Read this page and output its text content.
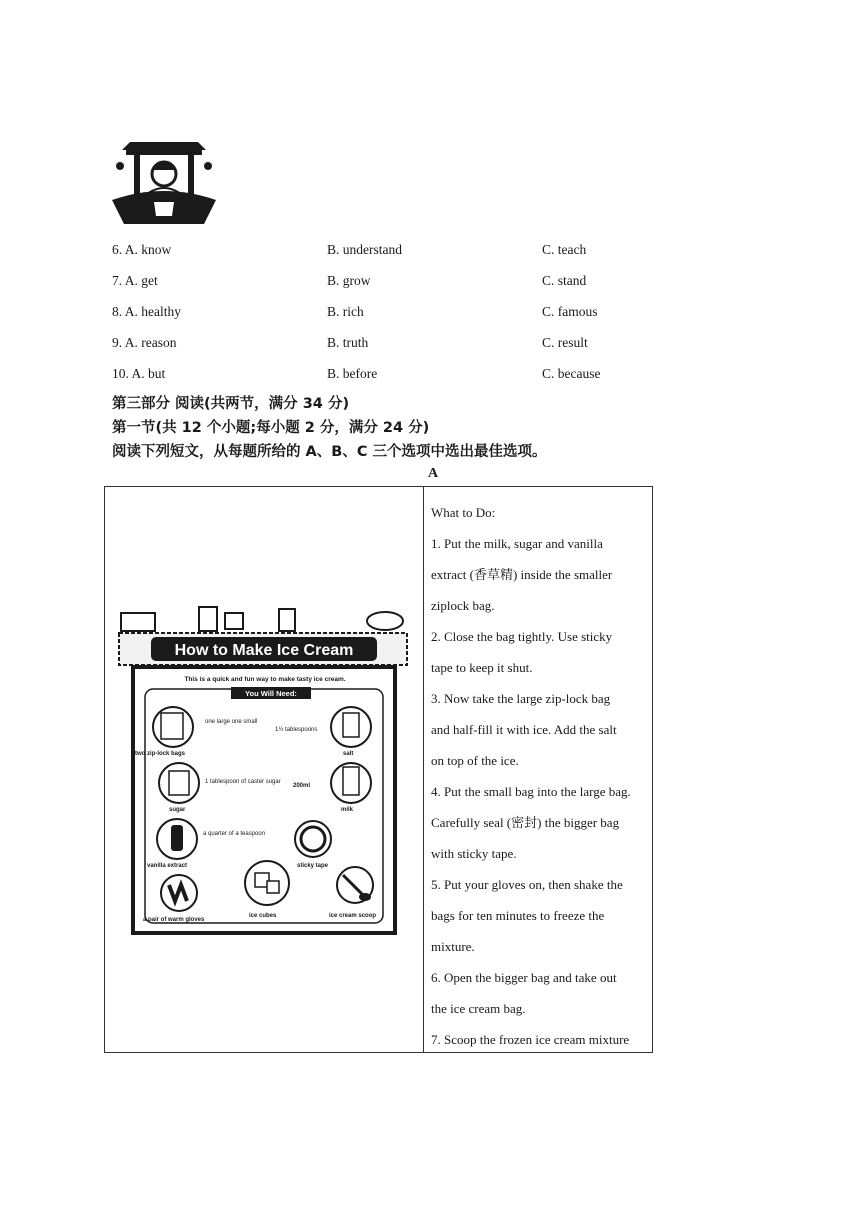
6. A. know	B. understand	C. teach
7. A. get	B. grow	C. stand
8. A. healthy	B. rich	C. famous
9. A. reason	B. truth	C. result
10. A. but	B. before	C. because
第三部分 阅读(共两节，满分 34 分)
第一节(共 12 个小题;每小题 2 分，满分 24 分)
阅读下列短文，从每题所给的 A、B、C 三个选项中选出最佳选项。
A
How to Make Ice Cream
This is a quick and fun way to make tasty ice cream.
You Will Need:
one large one small
two zip-lock bags
1½ tablespoons
salt
1 tablespoon of caster sugar
sugar
200ml
milk
a quarter of a teaspoon
vanilla extract	sticky tape
a pair of warm gloves
ice cubes	ice cream scoop
What to Do:
1. Put the milk, sugar and vanilla
extract (香草精) inside the smaller
ziplock bag.
2. Close the bag tightly. Use sticky
tape to keep it shut.
3. Now take the large zip-lock bag
and half-fill it with ice. Add the salt
on top of the ice.
4. Put the small bag into the large bag.
Carefully seal (密封) the bigger bag
with sticky tape.
5. Put your gloves on, then shake the
bags for ten minutes to freeze the
mixture.
6. Open the bigger bag and take out
the ice cream bag.
7. Scoop the frozen ice cream mixture
